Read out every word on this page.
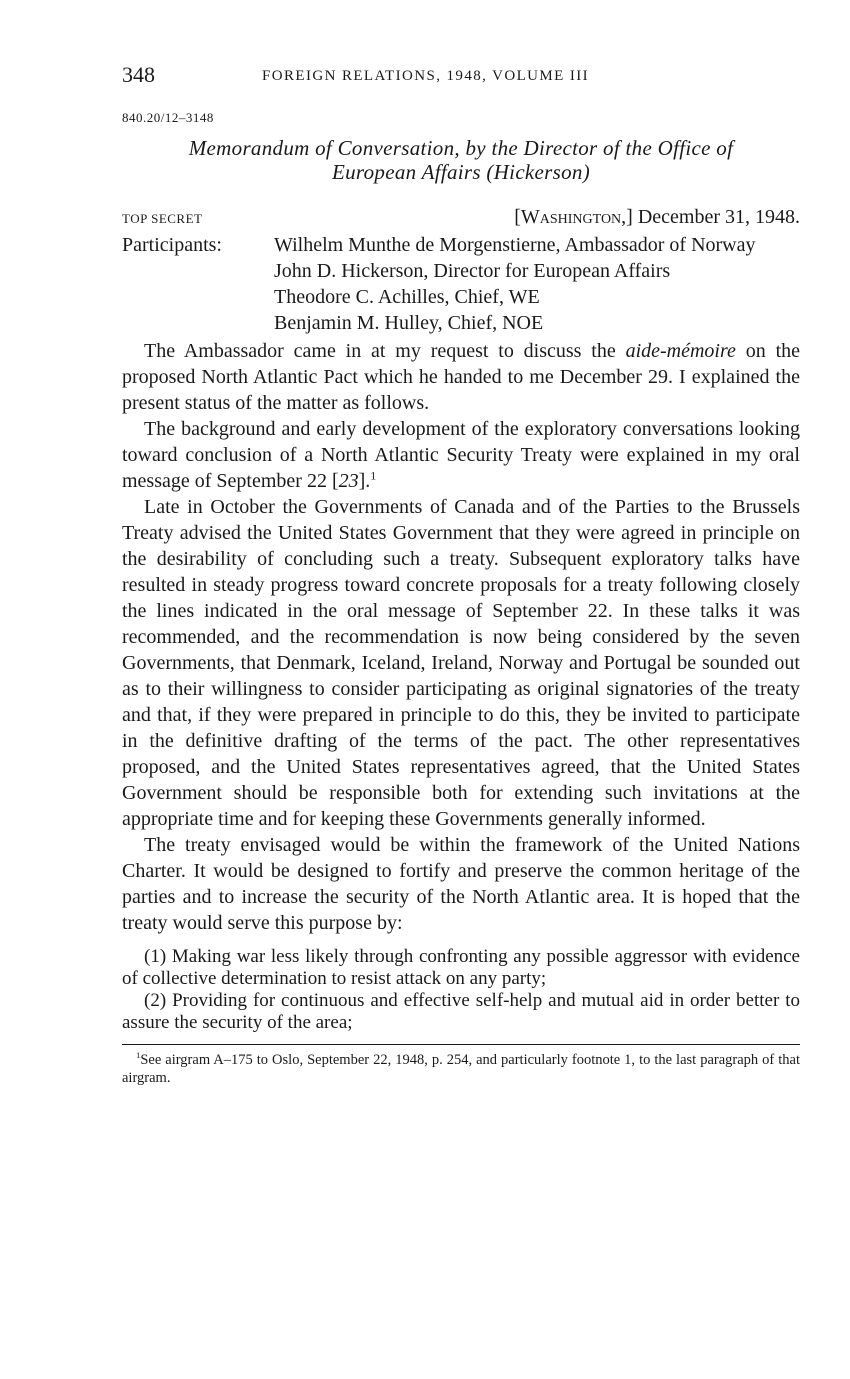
348	FOREIGN RELATIONS, 1948, VOLUME III
840.20/12–3148
Memorandum of Conversation, by the Director of the Office of
European Affairs (Hickerson)
TOP SECRET	[Washington,] December 31, 1948.
Participants:	Wilhelm Munthe de Morgenstierne, Ambassador of Norway
John D. Hickerson, Director for European Affairs
Theodore C. Achilles, Chief, WE
Benjamin M. Hulley, Chief, NOE

The Ambassador came in at my request to discuss the aide-mémoire on the proposed North Atlantic Pact which he handed to me December 29. I explained the present status of the matter as follows.

The background and early development of the exploratory conversations looking toward conclusion of a North Atlantic Security Treaty were explained in my oral message of September 22 [23].$^1$

Late in October the Governments of Canada and of the Parties to the Brussels Treaty advised the United States Government that they were agreed in principle on the desirability of concluding such a treaty. Subsequent exploratory talks have resulted in steady progress toward concrete proposals for a treaty following closely the lines indicated in the oral message of September 22. In these talks it was recommended, and the recommendation is now being considered by the seven Governments, that Denmark, Iceland, Ireland, Norway and Portugal be sounded out as to their willingness to consider participating as original signatories of the treaty and that, if they were prepared in principle to do this, they be invited to participate in the definitive drafting of the terms of the pact. The other representatives proposed, and the United States representatives agreed, that the United States Government should be responsible both for extending such invitations at the appropriate time and for keeping these Governments generally informed.

The treaty envisaged would be within the framework of the United Nations Charter. It would be designed to fortify and preserve the common heritage of the parties and to increase the security of the North Atlantic area. It is hoped that the treaty would serve this purpose by:

(1) Making war less likely through confronting any possible aggressor with evidence of collective determination to resist attack on any party;
(2) Providing for continuous and effective self-help and mutual aid in order better to assure the security of the area;
$^1$See airgram A–175 to Oslo, September 22, 1948, p. 254, and particularly footnote 1, to the last paragraph of that airgram.
